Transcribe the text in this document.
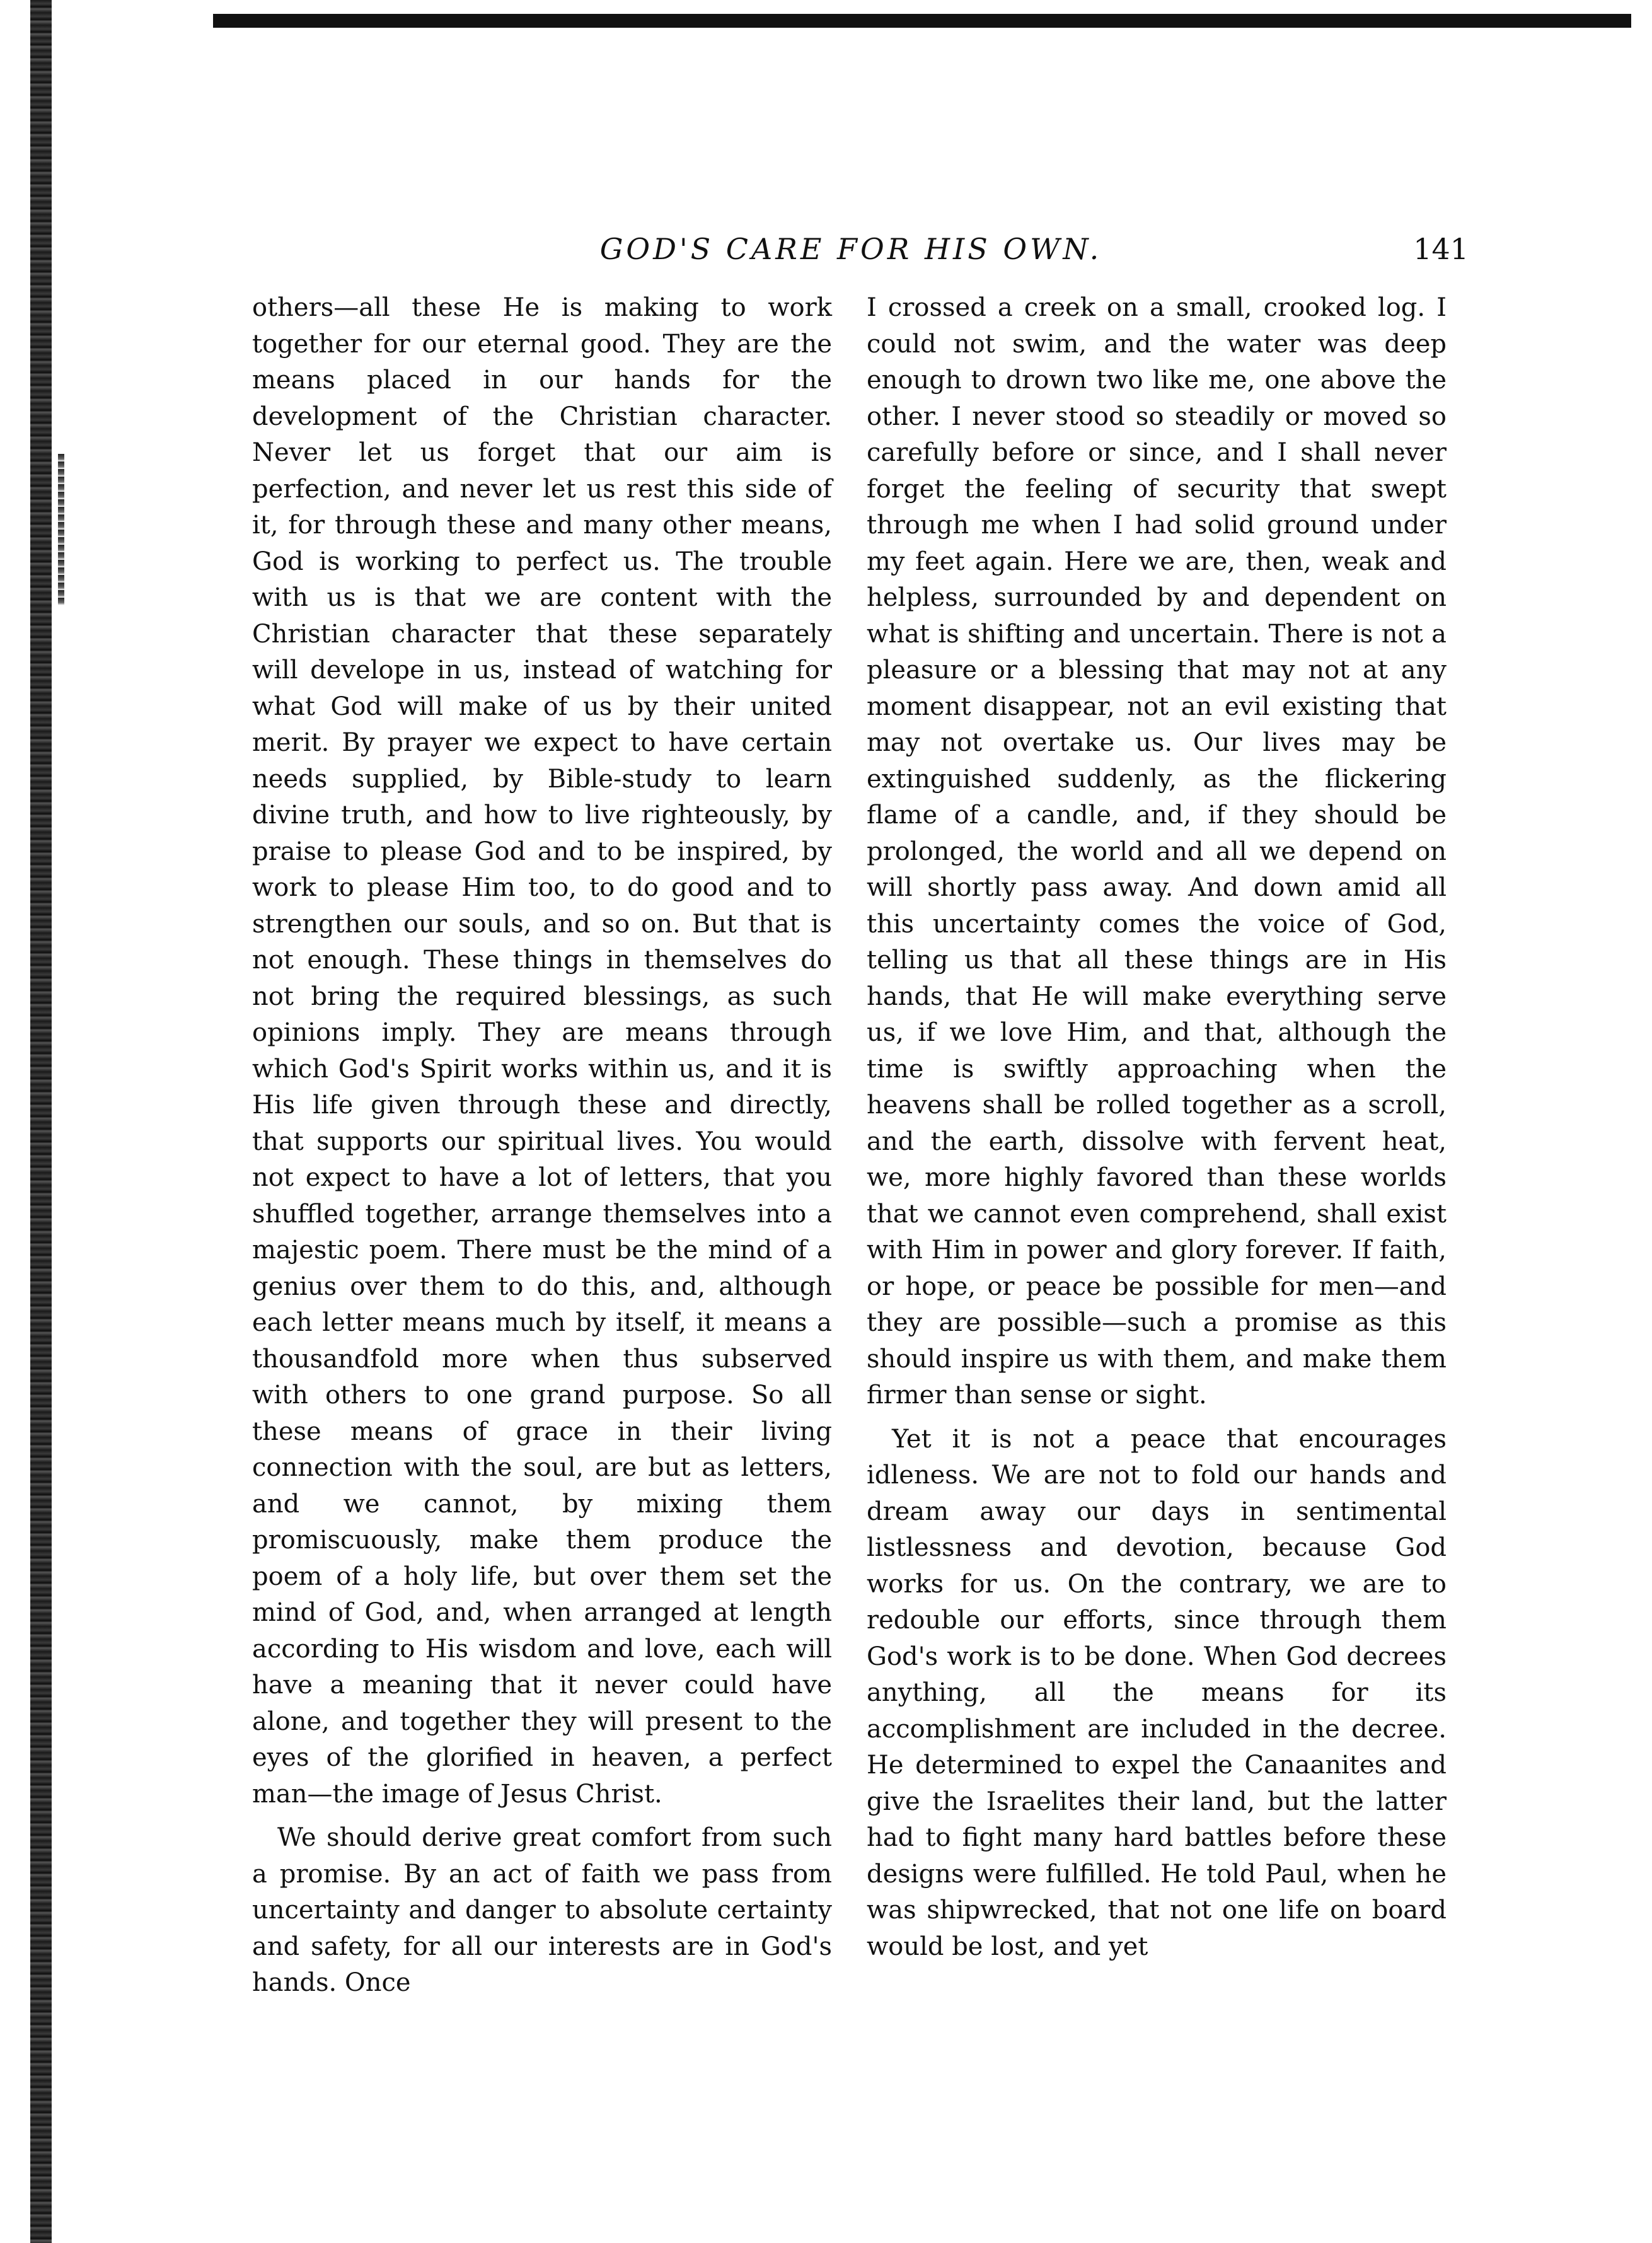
GOD'S CARE FOR HIS OWN.	141

others—all these He is making to work together for our eternal good. They are the means placed in our hands for the development of the Christian character. Never let us forget that our aim is perfection, and never let us rest this side of it, for through these and many other means, God is working to perfect us. The trouble with us is that we are content with the Christian character that these separately will develope in us, instead of watching for what God will make of us by their united merit. By prayer we expect to have certain needs supplied, by Bible-study to learn divine truth, and how to live righteously, by praise to please God and to be inspired, by work to please Him too, to do good and to strengthen our souls, and so on. But that is not enough. These things in themselves do not bring the required blessings, as such opinions imply. They are means through which God's Spirit works within us, and it is His life given through these and directly, that supports our spiritual lives. You would not expect to have a lot of letters, that you shuffled together, arrange themselves into a majestic poem. There must be the mind of a genius over them to do this, and, although each letter means much by itself, it means a thousandfold more when thus subserved with others to one grand purpose. So all these means of grace in their living connection with the soul, are but as letters, and we cannot, by mixing them promiscuously, make them produce the poem of a holy life, but over them set the mind of God, and, when arranged at length according to His wisdom and love, each will have a meaning that it never could have alone, and together they will present to the eyes of the glorified in heaven, a perfect man—the image of Jesus Christ.

We should derive great comfort from such a promise. By an act of faith we pass from uncertainty and danger to absolute certainty and safety, for all our interests are in God's hands. Once

I crossed a creek on a small, crooked log. I could not swim, and the water was deep enough to drown two like me, one above the other. I never stood so steadily or moved so carefully before or since, and I shall never forget the feeling of security that swept through me when I had solid ground under my feet again. Here we are, then, weak and helpless, surrounded by and dependent on what is shifting and uncertain. There is not a pleasure or a blessing that may not at any moment disappear, not an evil existing that may not overtake us. Our lives may be extinguished suddenly, as the flickering flame of a candle, and, if they should be prolonged, the world and all we depend on will shortly pass away. And down amid all this uncertainty comes the voice of God, telling us that all these things are in His hands, that He will make everything serve us, if we love Him, and that, although the time is swiftly approaching when the heavens shall be rolled together as a scroll, and the earth, dissolve with fervent heat, we, more highly favored than these worlds that we cannot even comprehend, shall exist with Him in power and glory forever. If faith, or hope, or peace be possible for men—and they are possible—such a promise as this should inspire us with them, and make them firmer than sense or sight.

Yet it is not a peace that encourages idleness. We are not to fold our hands and dream away our days in sentimental listlessness and devotion, because God works for us. On the contrary, we are to redouble our efforts, since through them God's work is to be done. When God decrees anything, all the means for its accomplishment are included in the decree. He determined to expel the Canaanites and give the Israelites their land, but the latter had to fight many hard battles before these designs were fulfilled. He told Paul, when he was shipwrecked, that not one life on board would be lost, and yet
